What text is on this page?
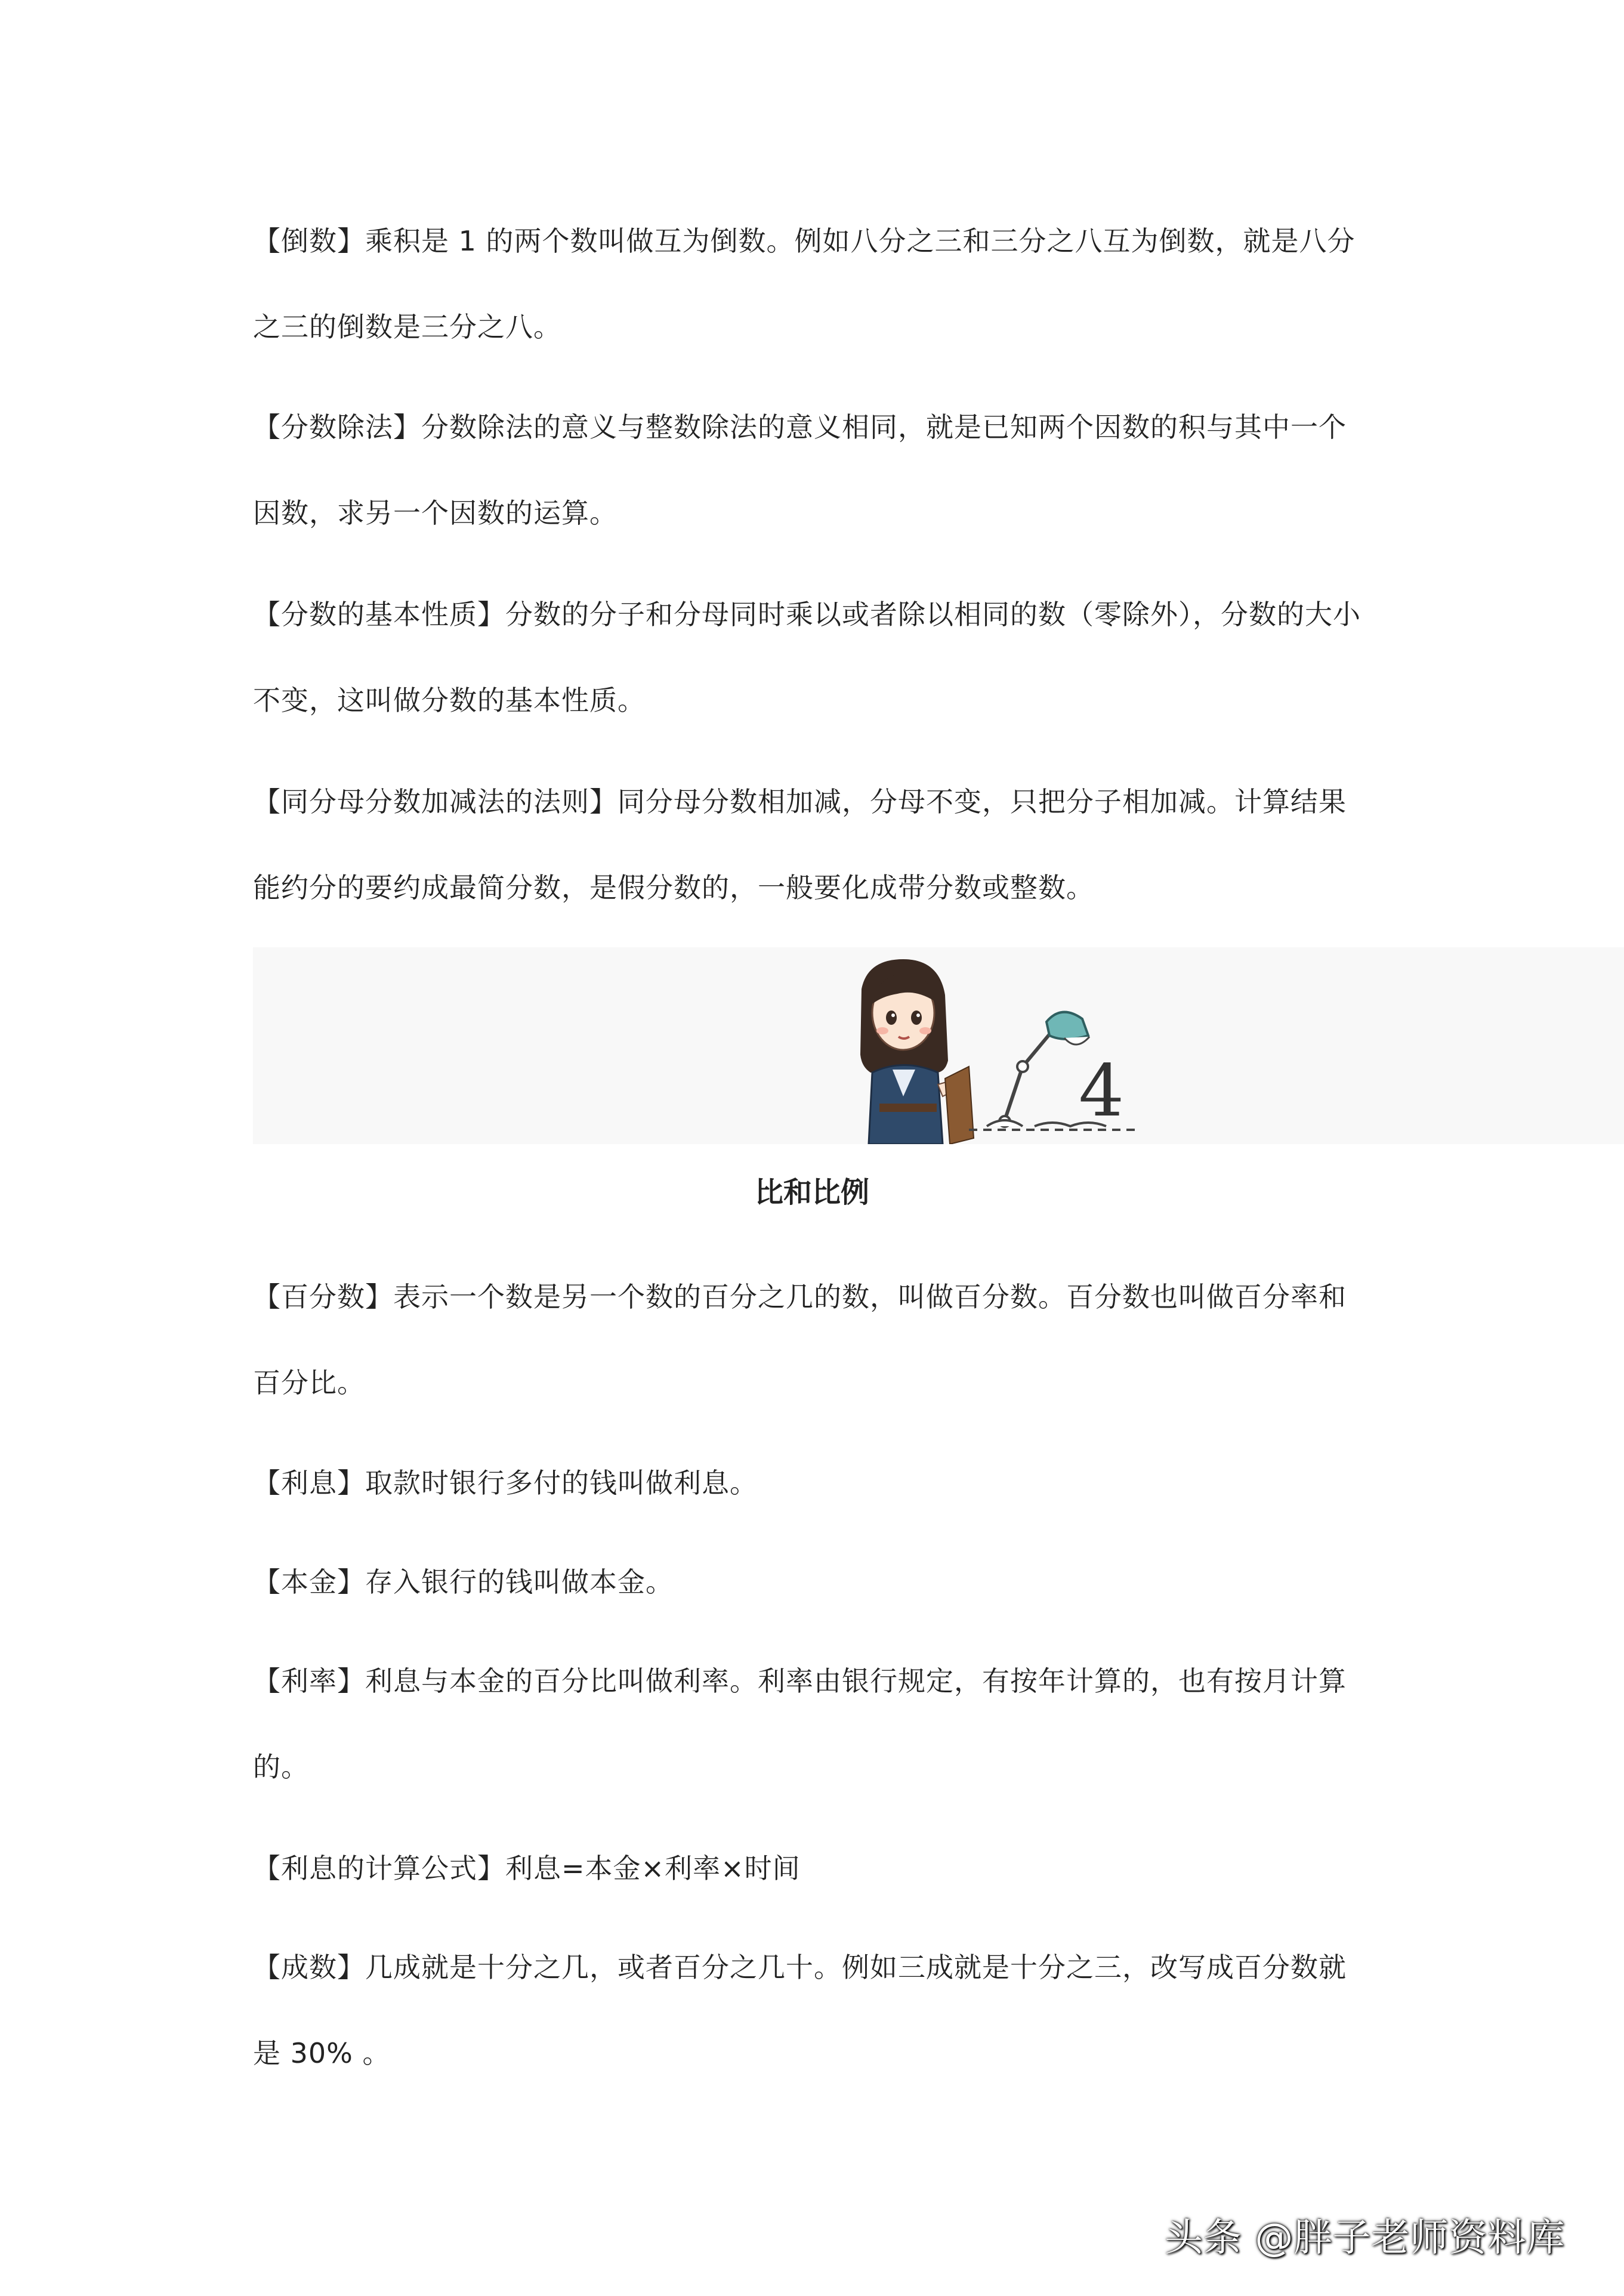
【倒数】乘积是 1 的两个数叫做互为倒数。例如八分之三和三分之八互为倒数，就是八分之三的倒数是三分之八。

【分数除法】分数除法的意义与整数除法的意义相同，就是已知两个因数的积与其中一个因数，求另一个因数的运算。

【分数的基本性质】分数的分子和分母同时乘以或者除以相同的数（零除外），分数的大小不变，这叫做分数的基本性质。

【同分母分数加减法的法则】同分母分数相加减，分母不变，只把分子相加减。计算结果能约分的要约成最简分数，是假分数的，一般要化成带分数或整数。

4
比和比例

【百分数】表示一个数是另一个数的百分之几的数，叫做百分数。百分数也叫做百分率和百分比。

【利息】取款时银行多付的钱叫做利息。

【本金】存入银行的钱叫做本金。

【利率】利息与本金的百分比叫做利率。利率由银行规定，有按年计算的，也有按月计算的。

【利息的计算公式】利息=本金×利率×时间

【成数】几成就是十分之几，或者百分之几十。例如三成就是十分之三，改写成百分数就是 30% 。

头条 @胖子老师资料库
